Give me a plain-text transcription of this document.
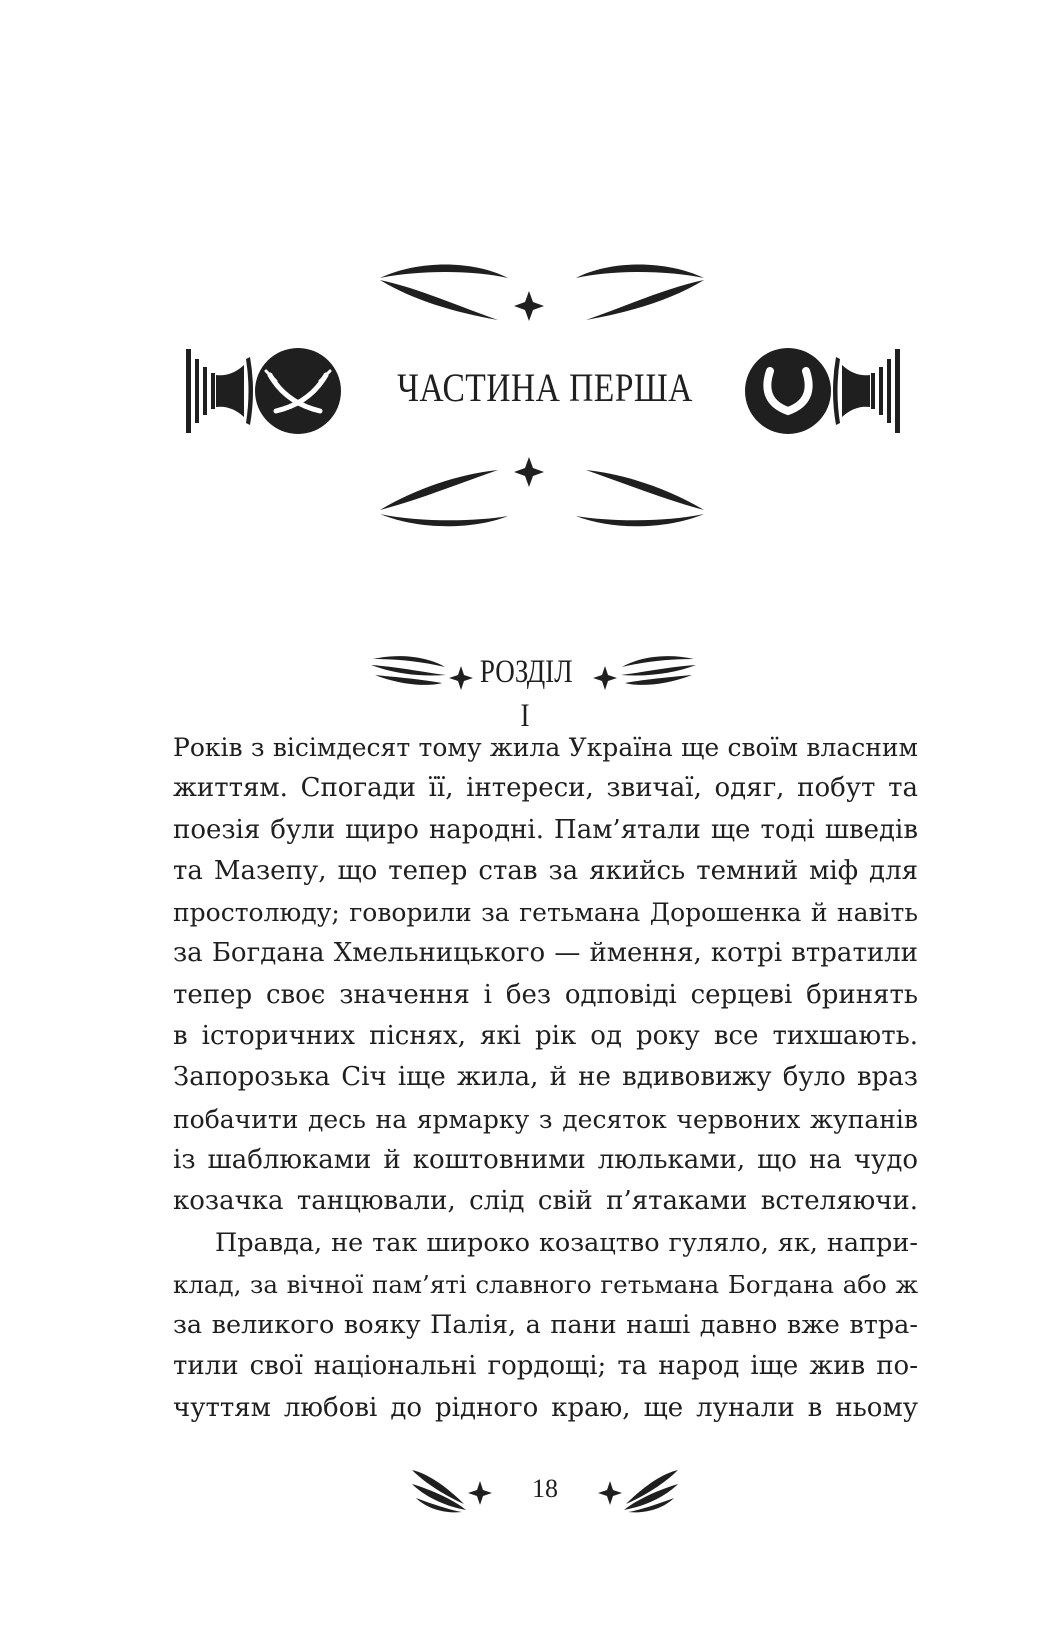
ЧАСТИНА ПЕРША
РОЗДІЛ І
Років з вісімдесят тому жила Україна ще своїм власним
життям. Спогади її, інтереси, звичаї, одяг, побут та
поезія були щиро народні. Пам’ятали ще тоді шведів
та Мазепу, що тепер став за якийсь темний міф для
простолюду; говорили за гетьмана Дорошенка й навіть
за Богдана Хмельницького — ймення, котрі втратили
тепер своє значення і без одповіді серцеві бринять
в історичних піснях, які рік од року все тихшають.
Запорозька Січ іще жила, й не вдивовижу було враз
побачити десь на ярмарку з десяток червоних жупанів
із шаблюками й коштовними люльками, що на чудо
козачка танцювали, слід свій п’ятаками встеляючи.
Правда, не так широко козацтво гуляло, як, напри-
клад, за вічної пам’яті славного гетьмана Богдана або ж
за великого вояку Палія, а пани наші давно вже втра-
тили свої національні гордощі; та народ іще жив по-
чуттям любові до рідного краю, ще лунали в ньому
18
